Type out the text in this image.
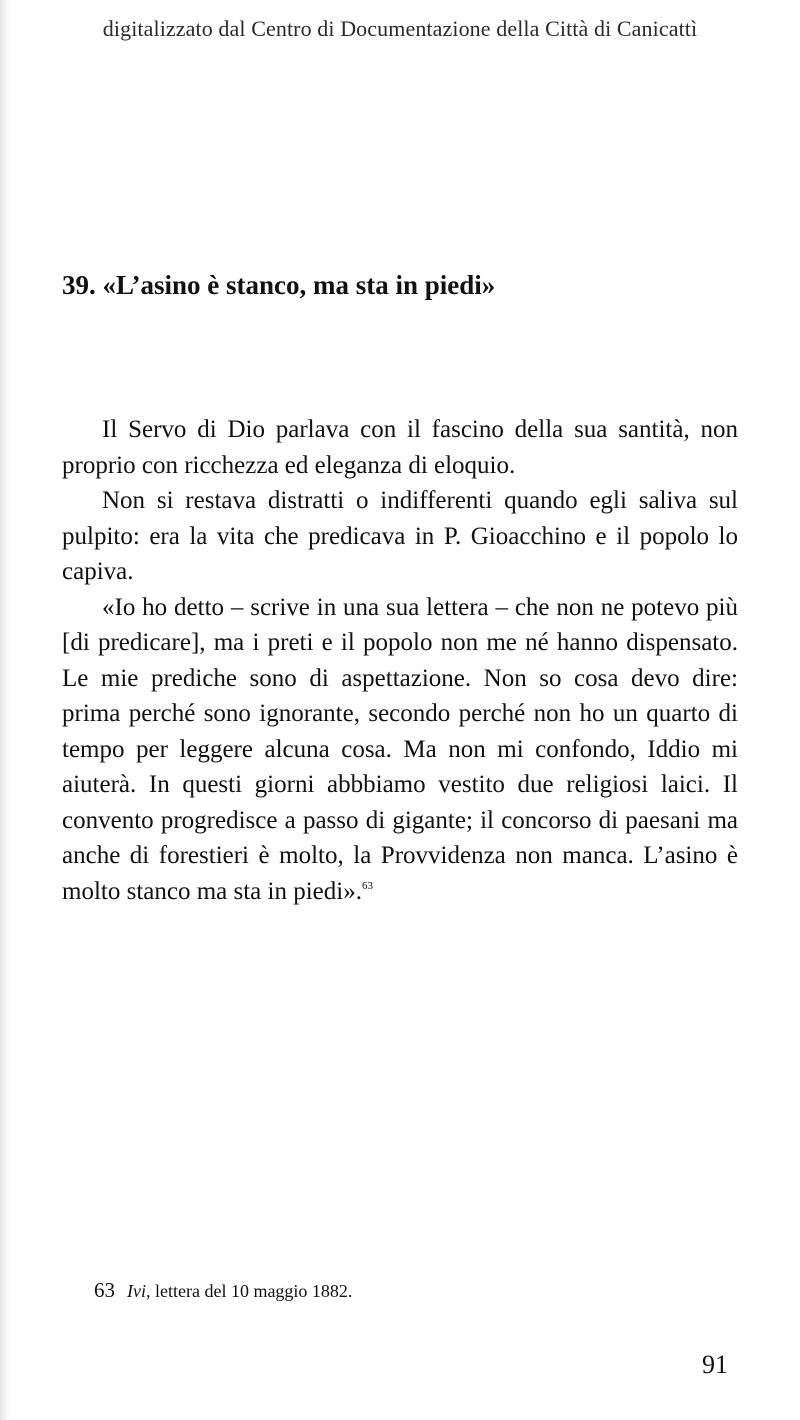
digitalizzato dal Centro di Documentazione della Città di Canicattì
39. «L’asino è stanco, ma sta in piedi»

Il Servo di Dio parlava con il fascino della sua santità, non proprio con ricchezza ed eleganza di eloquio.

Non si restava distratti o indifferenti quando egli saliva sul pulpito: era la vita che predicava in P. Gioacchino e il popolo lo capiva.

«Io ho detto – scrive in una sua lettera – che non ne potevo più [di predicare], ma i preti e il popolo non me né hanno dispensato. Le mie prediche sono di aspettazione. Non so cosa devo dire: prima perché sono ignorante, secondo perché non ho un quarto di tempo per leggere alcuna cosa. Ma non mi confondo, Iddio mi aiuterà. In questi giorni abbbiamo vestito due religiosi laici. Il convento progredisce a passo di gigante; il concorso di paesani ma anche di forestieri è molto, la Provvidenza non manca. L’asino è molto stanco ma sta in piedi».$^{63}$

63 Ivi, lettera del 10 maggio 1882.
91
